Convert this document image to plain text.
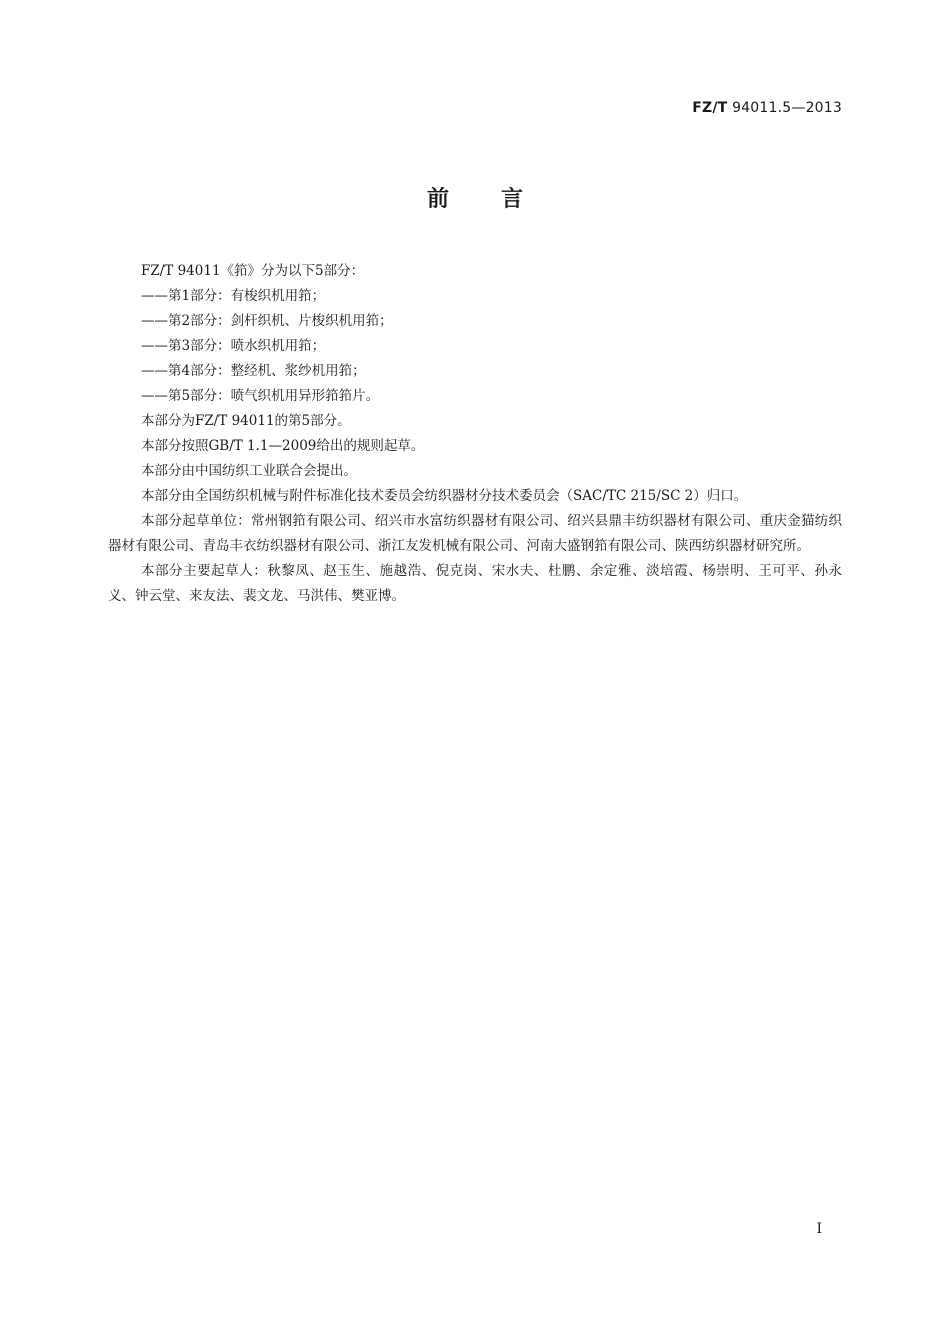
FZ/T 94011.5—2013
前言

FZ/T 94011《筘》分为以下5部分：

——第1部分：有梭织机用筘；
——第2部分：剑杆织机、片梭织机用筘；
——第3部分：喷水织机用筘；
——第4部分：整经机、浆纱机用筘；
——第5部分：喷气织机用异形筘筘片。

本部分为FZ/T 94011的第5部分。

本部分按照GB/T 1.1—2009给出的规则起草。

本部分由中国纺织工业联合会提出。

本部分由全国纺织机械与附件标准化技术委员会纺织器材分技术委员会（SAC/TC 215/SC 2）归口。

本部分起草单位：常州钢筘有限公司、绍兴市水富纺织器材有限公司、绍兴县鼎丰纺织器材有限公司、重庆金猫纺织器材有限公司、青岛丰衣纺织器材有限公司、浙江友发机械有限公司、河南大盛钢筘有限公司、陕西纺织器材研究所。

本部分主要起草人：秋黎凤、赵玉生、施越浩、倪克岗、宋水夫、杜鹏、余定雅、淡培霞、杨崇明、王可平、孙永义、钟云堂、来友法、裴文龙、马洪伟、樊亚博。

I
